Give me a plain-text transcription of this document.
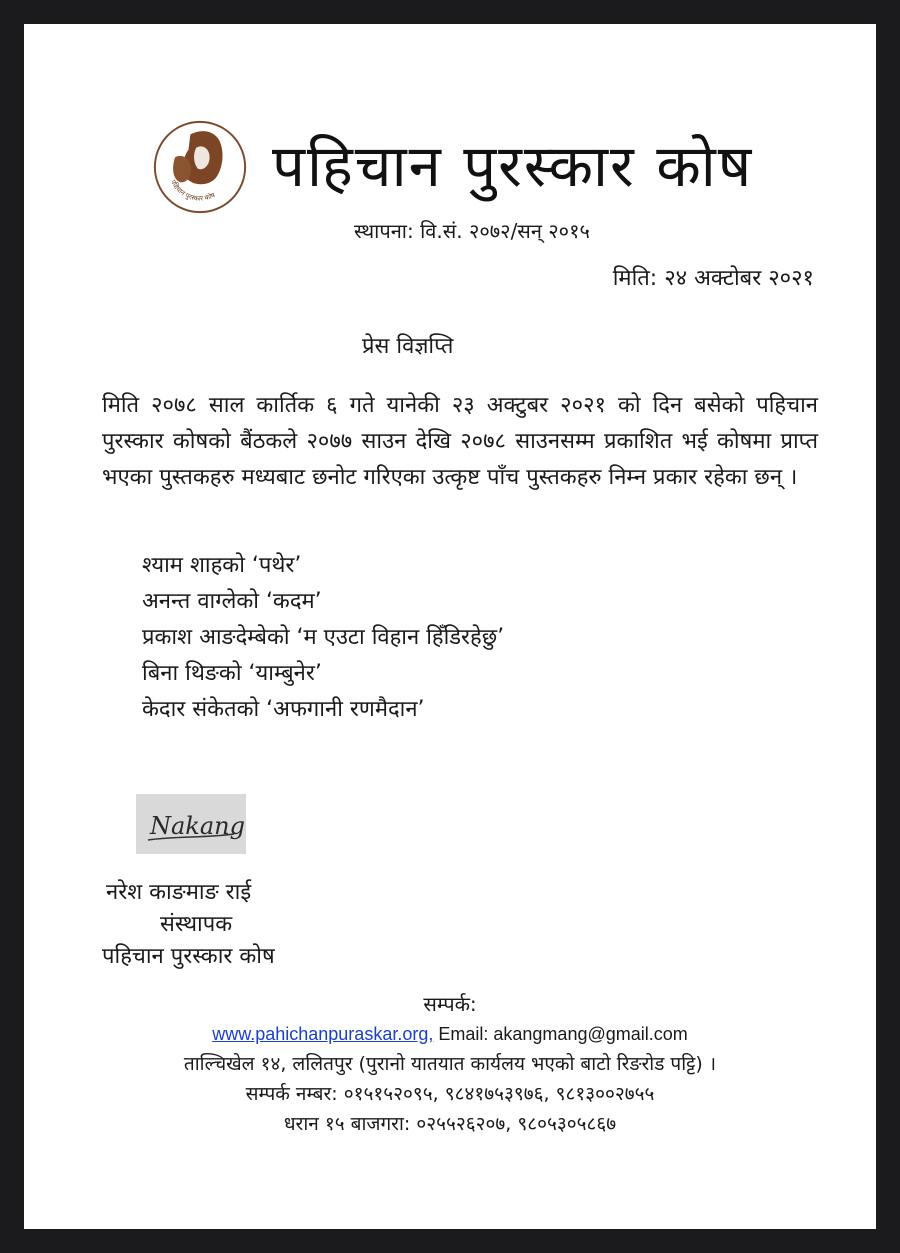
पहिचान पुरस्कार कोष पहिचान पुरस्कार कोष
स्थापना: वि.सं. २०७२/सन् २०१५
मिति: २४ अक्टोबर २०२१
प्रेस विज्ञप्ति
मिति २०७८ साल कार्तिक ६ गते यानेकी २३ अक्टुबर २०२१ को दिन बसेको पहिचान पुरस्कार कोषको बैंठकले २०७७ साउन देखि २०७८ साउनसम्म प्रकाशित भई कोषमा प्राप्त भएका पुस्तकहरु मध्यबाट छनोट गरिएका उत्कृष्ट पाँच पुस्तकहरु निम्न प्रकार रहेका छन् ।
श्याम शाहको ‘पथेर’
अनन्त वाग्लेको ‘कदम’
प्रकाश आङदेम्बेको ‘म एउटा विहान हिँडिरहेछु’
बिना थिङको ‘याम्बुनेर’
केदार संकेतको ‘अफगानी रणमैदान’
Nakang
नरेश काङमाङ राई
संस्थापक
पहिचान पुरस्कार कोष
सम्पर्क:
www.pahichanpuraskar.org, Email: akangmang@gmail.com
ताल्चिखेल १४, ललितपुर (पुरानो यातयात कार्यलय भएको बाटो रिङरोड पट्टि) ।
सम्पर्क नम्बर: ०१५१५२०९५, ९८४१७५३९७६, ९८१३००२७५५
धरान १५ बाजगरा: ०२५५२६२०७, ९८०५३०५८६७
